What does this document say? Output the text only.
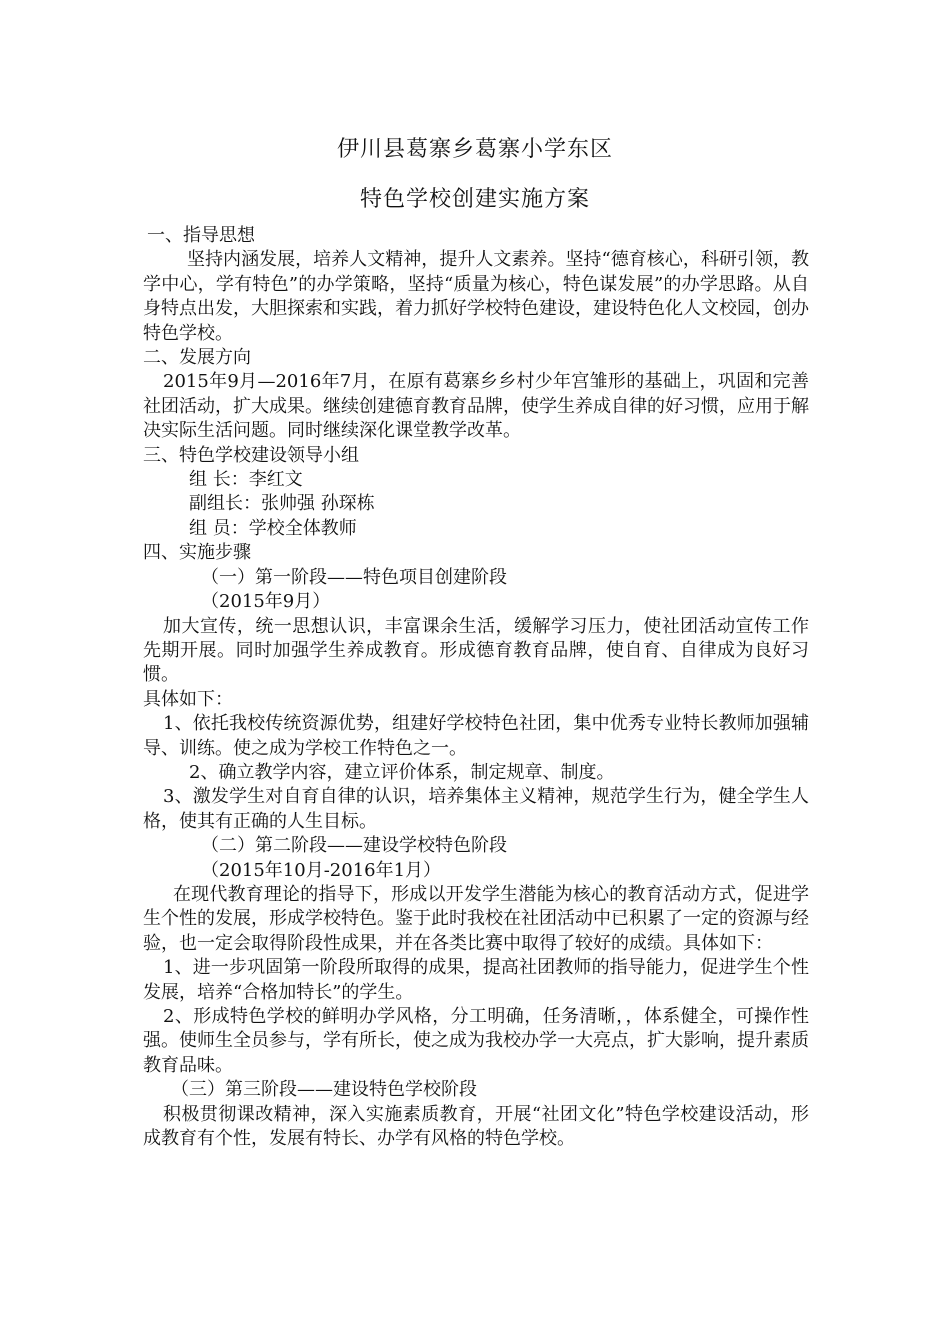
伊川县葛寨乡葛寨小学东区
特色学校创建实施方案

一、指导思想

坚持内涵发展，培养人文精神，提升人文素养。坚持“德育核心，科研引领，教学中心，学有特色”的办学策略，坚持“质量为核心，特色谋发展”的办学思路。从自身特点出发，大胆探索和实践，着力抓好学校特色建设，建设特色化人文校园，创办特色学校。

二、发展方向

2015年9月—2016年7月，在原有葛寨乡乡村少年宫雏形的基础上，巩固和完善社团活动，扩大成果。继续创建德育教育品牌，使学生养成自律的好习惯，应用于解决实际生活问题。同时继续深化课堂教学改革。

三、特色学校建设领导小组

组 长：李红文

副组长：张帅强 孙琛栋

组 员：学校全体教师

四、实施步骤

（一）第一阶段——特色项目创建阶段

（2015年9月）

加大宣传，统一思想认识，丰富课余生活，缓解学习压力，使社团活动宣传工作先期开展。同时加强学生养成教育。形成德育教育品牌，使自育、自律成为良好习惯。

具体如下：

1、依托我校传统资源优势，组建好学校特色社团，集中优秀专业特长教师加强辅导、训练。使之成为学校工作特色之一。

2、确立教学内容，建立评价体系，制定规章、制度。

3、激发学生对自育自律的认识，培养集体主义精神，规范学生行为，健全学生人格，使其有正确的人生目标。

（二）第二阶段——建设学校特色阶段

（2015年10月-2016年1月）

在现代教育理论的指导下，形成以开发学生潜能为核心的教育活动方式，促进学生个性的发展，形成学校特色。鉴于此时我校在社团活动中已积累了一定的资源与经验，也一定会取得阶段性成果，并在各类比赛中取得了较好的成绩。具体如下：

1、进一步巩固第一阶段所取得的成果，提高社团教师的指导能力，促进学生个性发展，培养“合格加特长”的学生。

2、形成特色学校的鲜明办学风格，分工明确，任务清晰，，体系健全，可操作性强。使师生全员参与，学有所长，使之成为我校办学一大亮点，扩大影响，提升素质教育品味。

（三）第三阶段——建设特色学校阶段

积极贯彻课改精神，深入实施素质教育，开展“社团文化”特色学校建设活动，形成教育有个性，发展有特长、办学有风格的特色学校。
